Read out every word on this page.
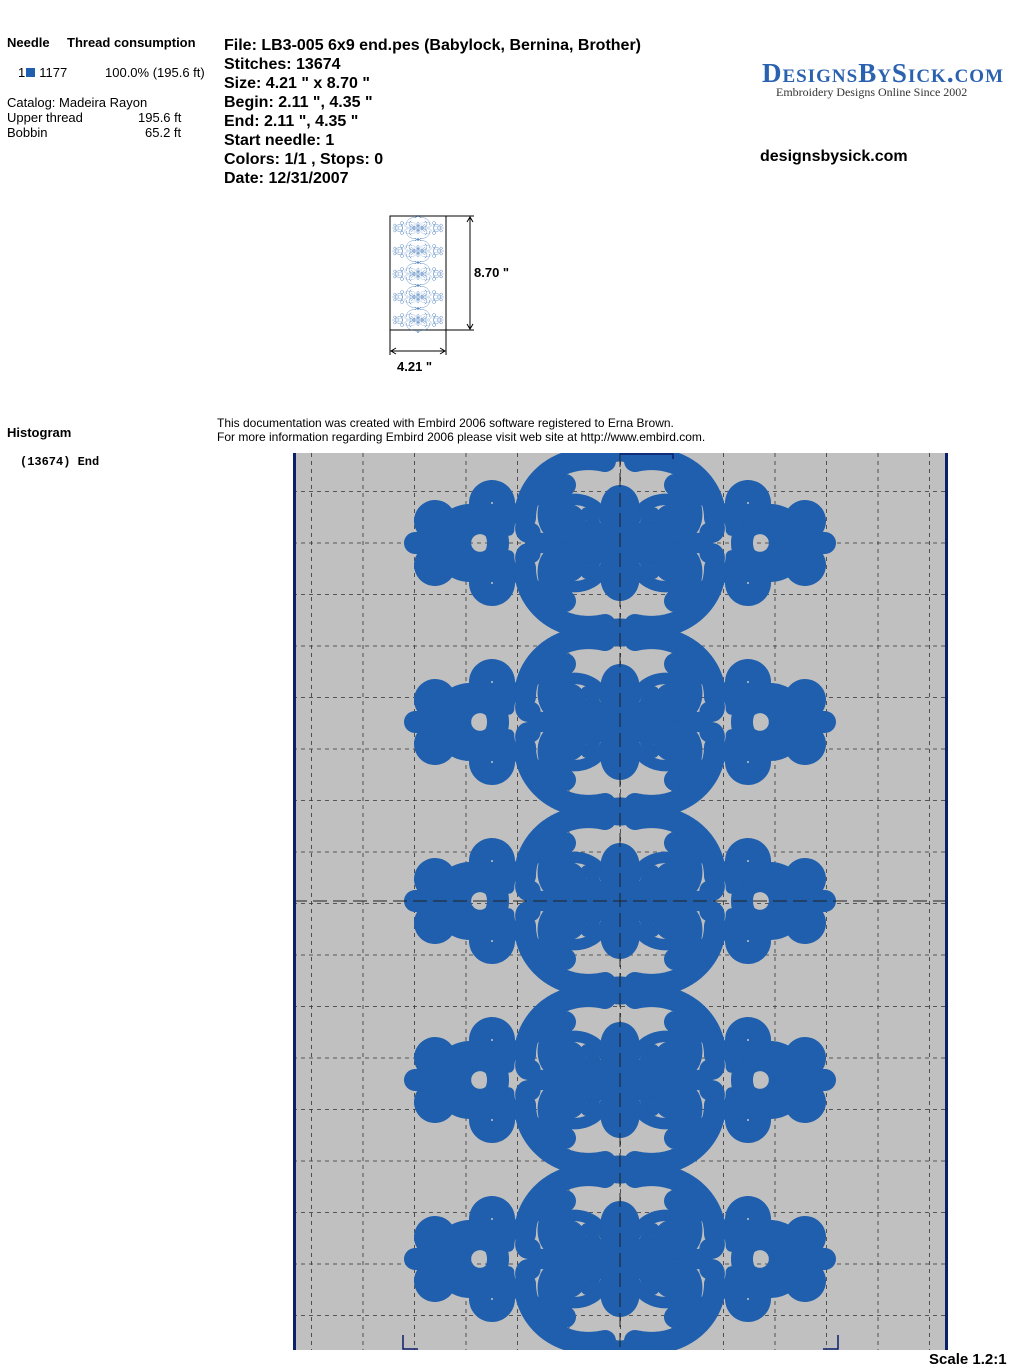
Needle Thread consumption
1 1177	100.0% (195.6 ft)
Catalog: Madeira Rayon
Upper thread	195.6 ft
Bobbin	65.2 ft
File: LB3-005 6x9 end.pes (Babylock, Bernina, Brother)
Stitches: 13674
Size: 4.21 " x 8.70 "
Begin: 2.11 ", 4.35 "
End: 2.11 ", 4.35 "
Start needle: 1
Colors: 1/1 , Stops: 0
Date: 12/31/2007
DesignsBySick.com
Embroidery Designs Online Since 2002
designsbysick.com
8.70 "
4.21 "
Histogram
(13674) End
This documentation was created with Embird 2006 software registered to Erna Brown.
For more information regarding Embird 2006 please visit web site at http://www.embird.com.
Scale 1.2:1
